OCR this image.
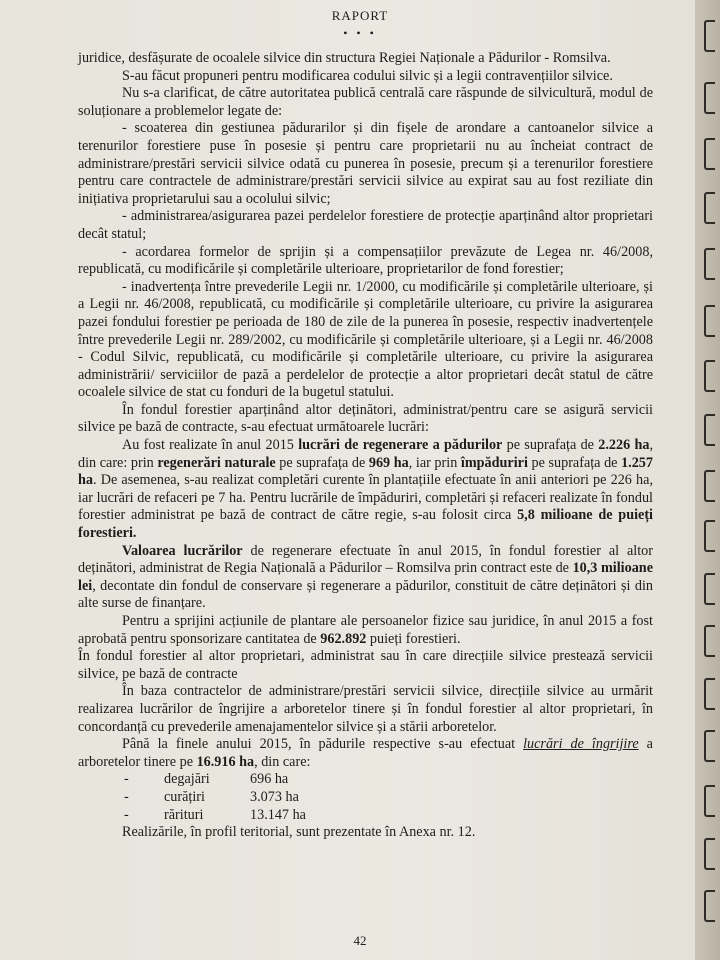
RAPORT
• • •

juridice, desfășurate de ocoalele silvice din structura Regiei Naționale a Pădurilor - Romsilva.

S-au făcut propuneri pentru modificarea codului silvic și a legii contravențiilor silvice.

Nu s-a clarificat, de către autoritatea publică centrală care răspunde de silvicultură, modul de soluționare a problemelor legate de:

- scoaterea din gestiunea pădurarilor și din fișele de arondare a cantoanelor silvice a terenurilor forestiere puse în posesie și pentru care proprietarii nu au încheiat contract de administrare/prestări servicii silvice odată cu punerea în posesie, precum și a terenurilor forestiere pentru care contractele de administrare/prestări servicii silvice au expirat sau au fost reziliate din inițiativa proprietarului sau a ocolului silvic;

- administrarea/asigurarea pazei perdelelor forestiere de protecție aparținând altor proprietari decât statul;

- acordarea formelor de sprijin și a compensațiilor prevăzute de Legea nr. 46/2008, republicată, cu modificările și completările ulterioare, proprietarilor de fond forestier;

- inadvertența între prevederile Legii nr. 1/2000, cu modificările și completările ulterioare, și a Legii nr. 46/2008, republicată, cu modificările și completările ulterioare, cu privire la asigurarea pazei fondului forestier pe perioada de 180 de zile de la punerea în posesie, respectiv inadvertențele între prevederile Legii nr. 289/2002, cu modificările și completările ulterioare, și a Legii nr. 46/2008 - Codul Silvic, republicată, cu modificările și completările ulterioare, cu privire la asigurarea administrării/ serviciilor de pază a perdelelor de protecție a altor proprietari decât statul de către ocoalele silvice de stat cu fonduri de la bugetul statului.

În fondul forestier aparținând altor deținători, administrat/pentru care se asigură servicii silvice pe bază de contracte, s-au efectuat următoarele lucrări:

Au fost realizate în anul 2015 lucrări de regenerare a pădurilor pe suprafața de 2.226 ha, din care: prin regenerări naturale pe suprafața de 969 ha, iar prin împăduriri pe suprafața de 1.257 ha. De asemenea, s-au realizat completări curente în plantațiile efectuate în anii anteriori pe 226 ha, iar lucrări de refaceri pe 7 ha. Pentru lucrările de împăduriri, completări și refaceri realizate în fondul forestier administrat pe bază de contract de către regie, s-au folosit circa 5,8 milioane de puieți forestieri.

Valoarea lucrărilor de regenerare efectuate în anul 2015, în fondul forestier al altor deținători, administrat de Regia Națională a Pădurilor – Romsilva prin contract este de 10,3 milioane lei, decontate din fondul de conservare și regenerare a pădurilor, constituit de către deținători și din alte surse de finanțare.

Pentru a sprijini acțiunile de plantare ale persoanelor fizice sau juridice, în anul 2015 a fost aprobată pentru sponsorizare cantitatea de 962.892 puieți forestieri.

În fondul forestier al altor proprietari, administrat sau în care direcțiile silvice prestează servicii silvice, pe bază de contracte

În baza contractelor de administrare/prestări servicii silvice, direcțiile silvice au urmărit realizarea lucrărilor de îngrijire a arboretelor tinere și în fondul forestier al altor proprietari, în concordanță cu prevederile amenajamentelor silvice și a stării arboretelor.

Până la finele anului 2015, în pădurile respective s-au efectuat lucrări de îngrijire a arboretelor tinere pe 16.916 ha, din care:

-	degajări	696 ha
-	curățiri	3.073 ha
-	rărituri	13.147 ha

Realizările, în profil teritorial, sunt prezentate în Anexa nr. 12.

42
